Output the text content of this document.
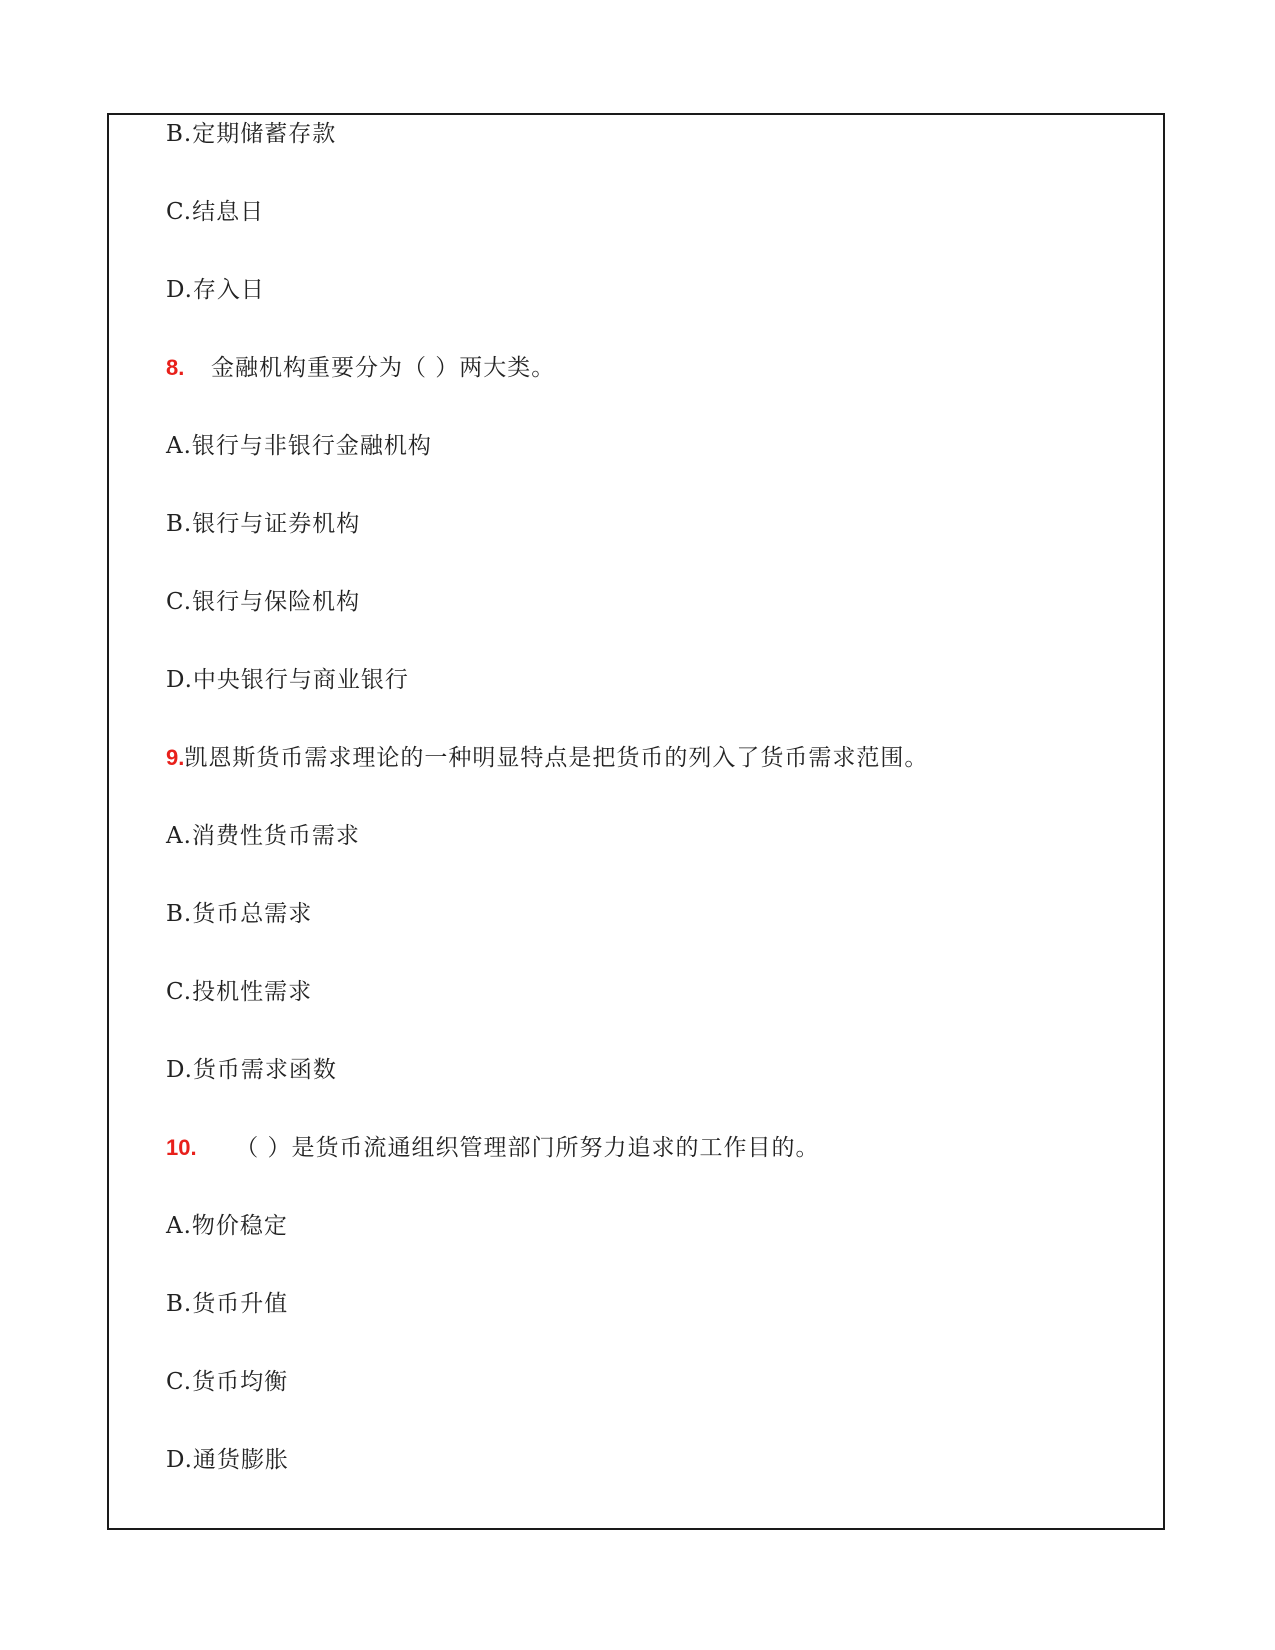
B.定期储蓄存款
C.结息日
D.存入日
8. 金融机构重要分为（ ）两大类。
A.银行与非银行金融机构
B.银行与证券机构
C.银行与保险机构
D.中央银行与商业银行
9.凯恩斯货币需求理论的一种明显特点是把货币的列入了货币需求范围。
A.消费性货币需求
B.货币总需求
C.投机性需求
D.货币需求函数
10. （ ）是货币流通组织管理部门所努力追求的工作目的。
A.物价稳定
B.货币升值
C.货币均衡
D.通货膨胀
